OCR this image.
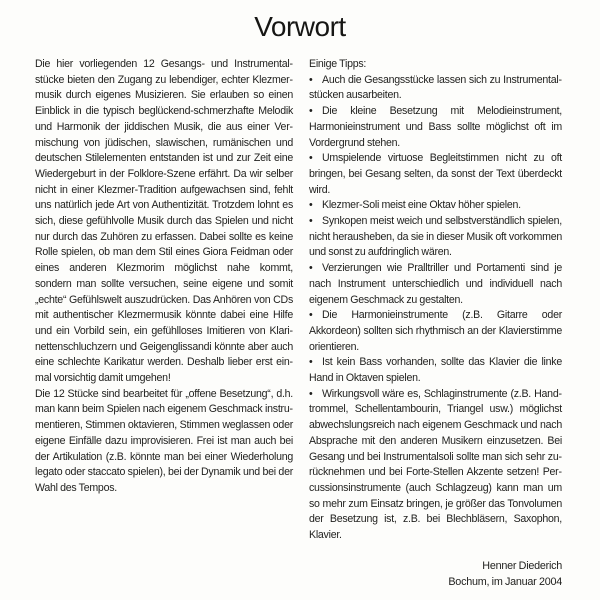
Vorwort
Die hier vorliegenden 12 Gesangs- und Instrumentalstücke bieten den Zugang zu lebendiger, echter Klezmermusik durch eigenes Musizieren. Sie erlauben so einen Einblick in die typisch beglückend-schmerzhafte Melodik und Harmonik der jiddischen Musik, die aus einer Vermischung von jüdischen, slawischen, rumänischen und deutschen Stilelementen entstanden ist und zur Zeit eine Wiedergeburt in der Folklore-Szene erfährt. Da wir selber nicht in einer Klezmer-Tradition aufgewachsen sind, fehlt uns natürlich jede Art von Authentizität. Trotzdem lohnt es sich, diese gefühlvolle Musik durch das Spielen und nicht nur durch das Zuhören zu erfassen. Dabei sollte es keine Rolle spielen, ob man dem Stil eines Giora Feidman oder eines anderen Klezmorim möglichst nahe kommt, sondern man sollte versuchen, seine eigene und somit „echte“ Gefühlswelt auszudrücken. Das Anhören von CDs mit authentischer Klezmermusik könnte dabei eine Hilfe und ein Vorbild sein, ein gefühlloses Imitieren von Klarinettenschluchzern und Geigenglissandi könnte aber auch eine schlechte Karikatur werden. Deshalb lieber erst einmal vorsichtig damit umgehen!
Die 12 Stücke sind bearbeitet für „offene Besetzung“, d.h. man kann beim Spielen nach eigenem Geschmack instrumentieren, Stimmen oktavieren, Stimmen weglassen oder eigene Einfälle dazu improvisieren. Frei ist man auch bei der Artikulation (z.B. könnte man bei einer Wiederholung legato oder staccato spielen), bei der Dynamik und bei der Wahl des Tempos.
Einige Tipps:
• Auch die Gesangsstücke lassen sich zu Instrumentalstücken ausarbeiten.
• Die kleine Besetzung mit Melodieinstrument, Harmonieinstrument und Bass sollte möglichst oft im Vordergrund stehen.
• Umspielende virtuose Begleitstimmen nicht zu oft bringen, bei Gesang selten, da sonst der Text überdeckt wird.
• Klezmer-Soli meist eine Oktav höher spielen.
• Synkopen meist weich und selbstverständlich spielen, nicht herausheben, da sie in dieser Musik oft vorkommen und sonst zu aufdringlich wären.
• Verzierungen wie Pralltriller und Portamenti sind je nach Instrument unterschiedlich und individuell nach eigenem Geschmack zu gestalten.
• Die Harmonieinstrumente (z.B. Gitarre oder Akkordeon) sollten sich rhythmisch an der Klavierstimme orientieren.
• Ist kein Bass vorhanden, sollte das Klavier die linke Hand in Oktaven spielen.
• Wirkungsvoll wäre es, Schlaginstrumente (z.B. Handtrommel, Schellentambourin, Triangel usw.) möglichst abwechslungsreich nach eigenem Geschmack und nach Absprache mit den anderen Musikern einzusetzen. Bei Gesang und bei Instrumentalsoli sollte man sich sehr zurücknehmen und bei Forte-Stellen Akzente setzen! Percussionsinstrumente (auch Schlagzeug) kann man um so mehr zum Einsatz bringen, je größer das Tonvolumen der Besetzung ist, z.B. bei Blechbläsern, Saxophon, Klavier.
Henner Diederich
Bochum, im Januar 2004
